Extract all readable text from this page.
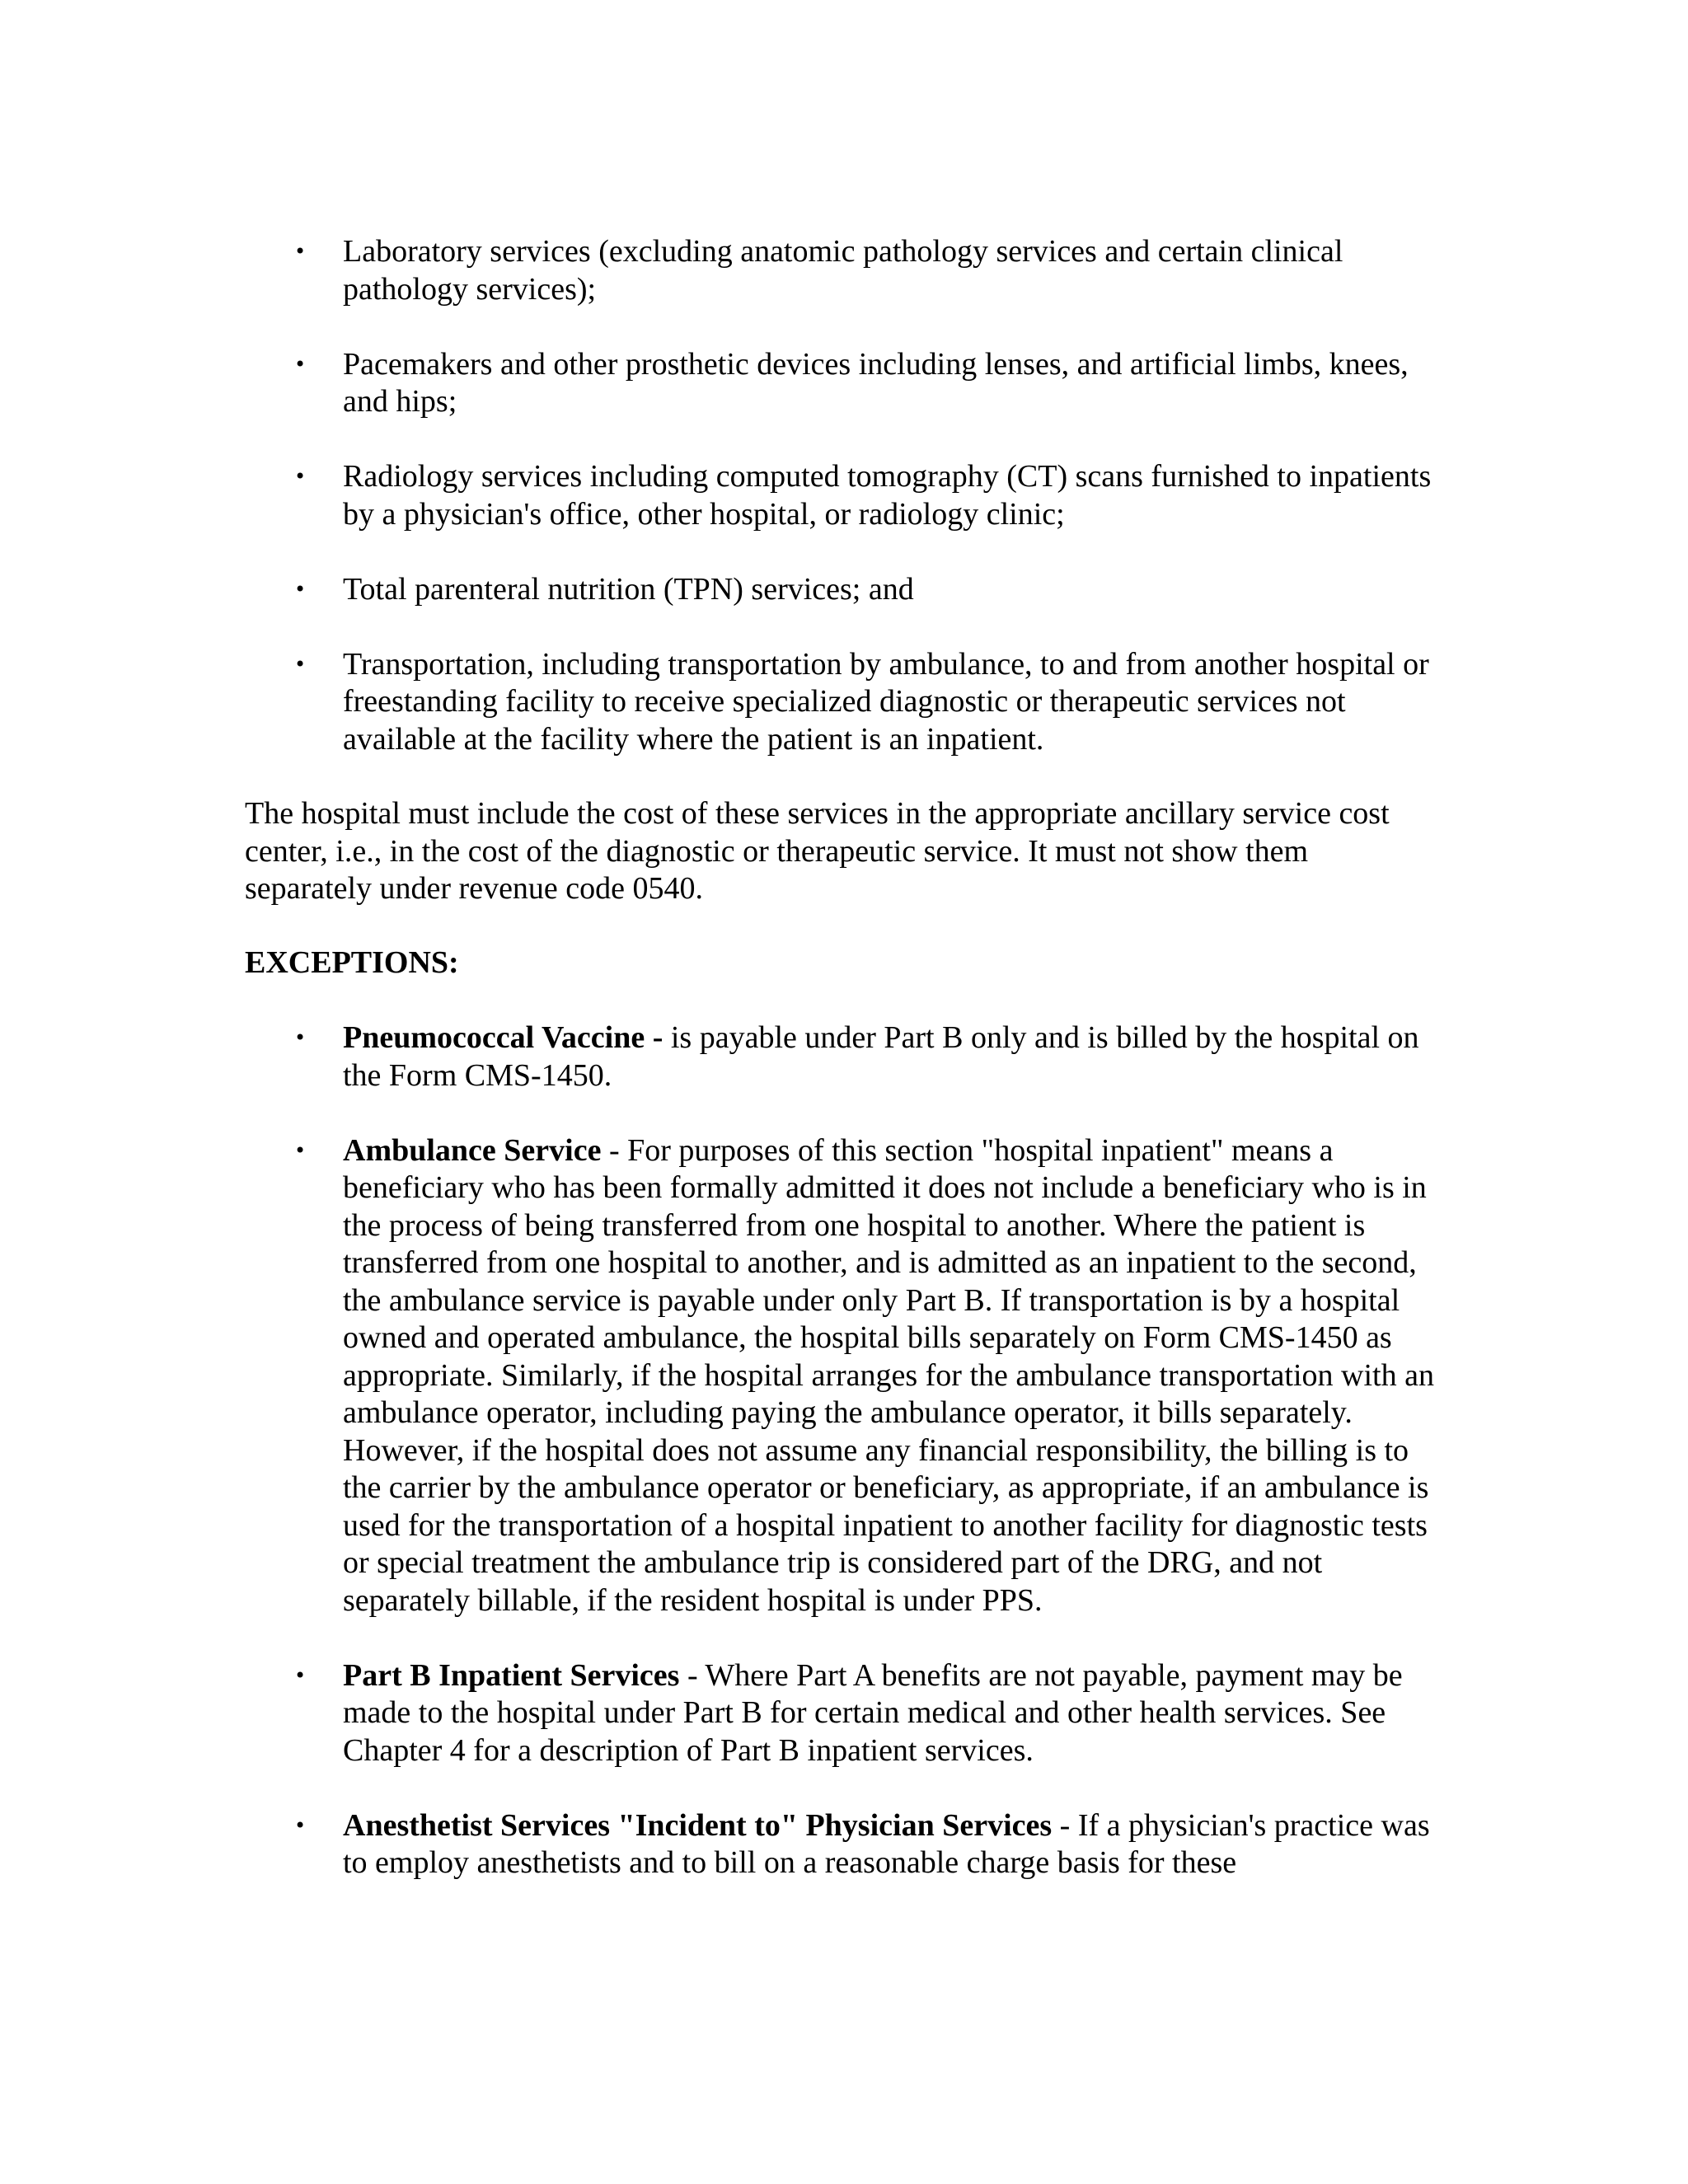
• Laboratory services (excluding anatomic pathology services and certain clinical pathology services);
• Pacemakers and other prosthetic devices including lenses, and artificial limbs, knees, and hips;
• Radiology services including computed tomography (CT) scans furnished to inpatients by a physician's office, other hospital, or radiology clinic;
• Total parenteral nutrition (TPN) services; and
• Transportation, including transportation by ambulance, to and from another hospital or freestanding facility to receive specialized diagnostic or therapeutic services not available at the facility where the patient is an inpatient.

The hospital must include the cost of these services in the appropriate ancillary service cost center, i.e., in the cost of the diagnostic or therapeutic service. It must not show them separately under revenue code 0540.

EXCEPTIONS:
• Pneumococcal Vaccine - is payable under Part B only and is billed by the hospital on the Form CMS-1450.
• Ambulance Service - For purposes of this section "hospital inpatient" means a beneficiary who has been formally admitted it does not include a beneficiary who is in the process of being transferred from one hospital to another. Where the patient is transferred from one hospital to another, and is admitted as an inpatient to the second, the ambulance service is payable under only Part B. If transportation is by a hospital owned and operated ambulance, the hospital bills separately on Form CMS-1450 as appropriate. Similarly, if the hospital arranges for the ambulance transportation with an ambulance operator, including paying the ambulance operator, it bills separately. However, if the hospital does not assume any financial responsibility, the billing is to the carrier by the ambulance operator or beneficiary, as appropriate, if an ambulance is used for the transportation of a hospital inpatient to another facility for diagnostic tests or special treatment the ambulance trip is considered part of the DRG, and not separately billable, if the resident hospital is under PPS.
• Part B Inpatient Services - Where Part A benefits are not payable, payment may be made to the hospital under Part B for certain medical and other health services. See Chapter 4 for a description of Part B inpatient services.
• Anesthetist Services "Incident to" Physician Services - If a physician's practice was to employ anesthetists and to bill on a reasonable charge basis for these
